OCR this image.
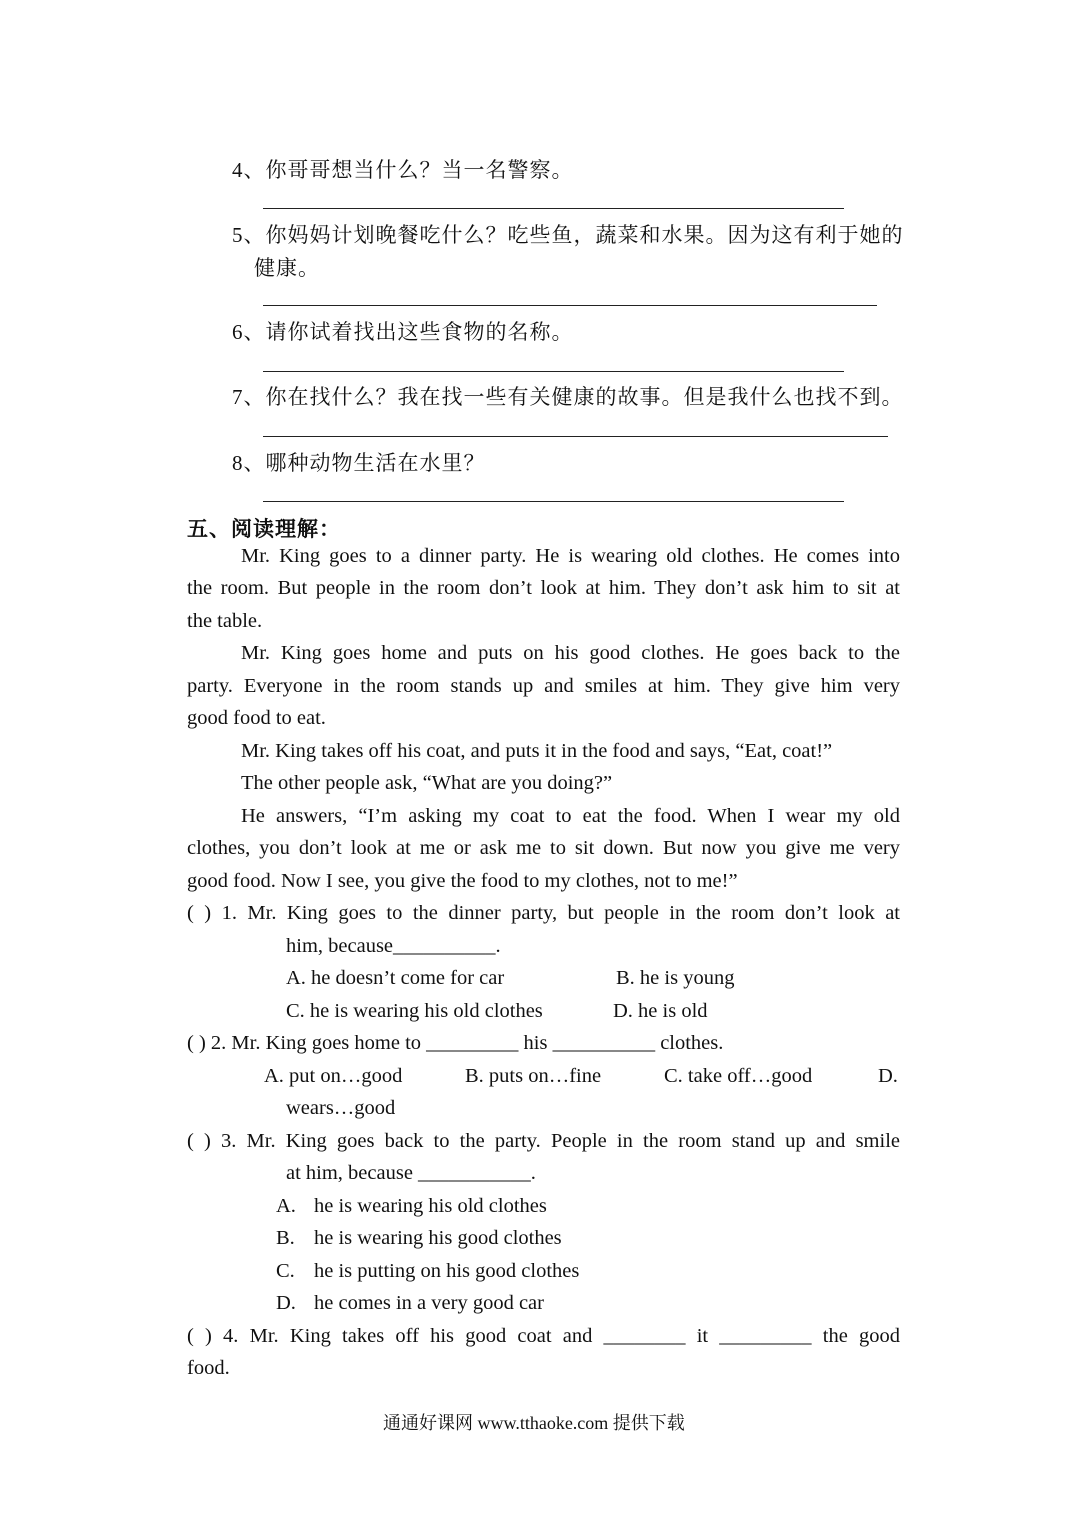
4、你哥哥想当什么？当一名警察。
5、你妈妈计划晚餐吃什么？吃些鱼，蔬菜和水果。因为这有利于她的
健康。
6、请你试着找出这些食物的名称。
7、你在找什么？我在找一些有关健康的故事。但是我什么也找不到。
8、哪种动物生活在水里？
五、阅读理解：
Mr. King goes to a dinner party. He is wearing old clothes. He comes into
the room. But people in the room don’t look at him. They don’t ask him to sit at
the table.
Mr. King goes home and puts on his good clothes. He goes back to the
party. Everyone in the room stands up and smiles at him. They give him very
good food to eat.
Mr. King takes off his coat, and puts it in the food and says, “Eat, coat!”
The other people ask, “What are you doing?”
He answers, “I’m asking my coat to eat the food. When I wear my old
clothes, you don’t look at me or ask me to sit down. But now you give me very
good food. Now I see, you give the food to my clothes, not to me!”
( ) 1. Mr. King goes to the dinner party, but people in the room don’t look at
him, because__________.
A. he doesn’t come for car	B. he is young
C. he is wearing his old clothes	D. he is old
( ) 2. Mr. King goes home to _________ his __________ clothes.
A. put on…good	B. puts on…fine	C. take off…good	D.
wears…good
( ) 3. Mr. King goes back to the party. People in the room stand up and smile
at him, because ___________.
A. he is wearing his old clothes
B. he is wearing his good clothes
C. he is putting on his good clothes
D. he comes in a very good car
( ) 4. Mr. King takes off his good coat and ________ it _________ the good
food.
通通好课网 www.tthaoke.com 提供下载
